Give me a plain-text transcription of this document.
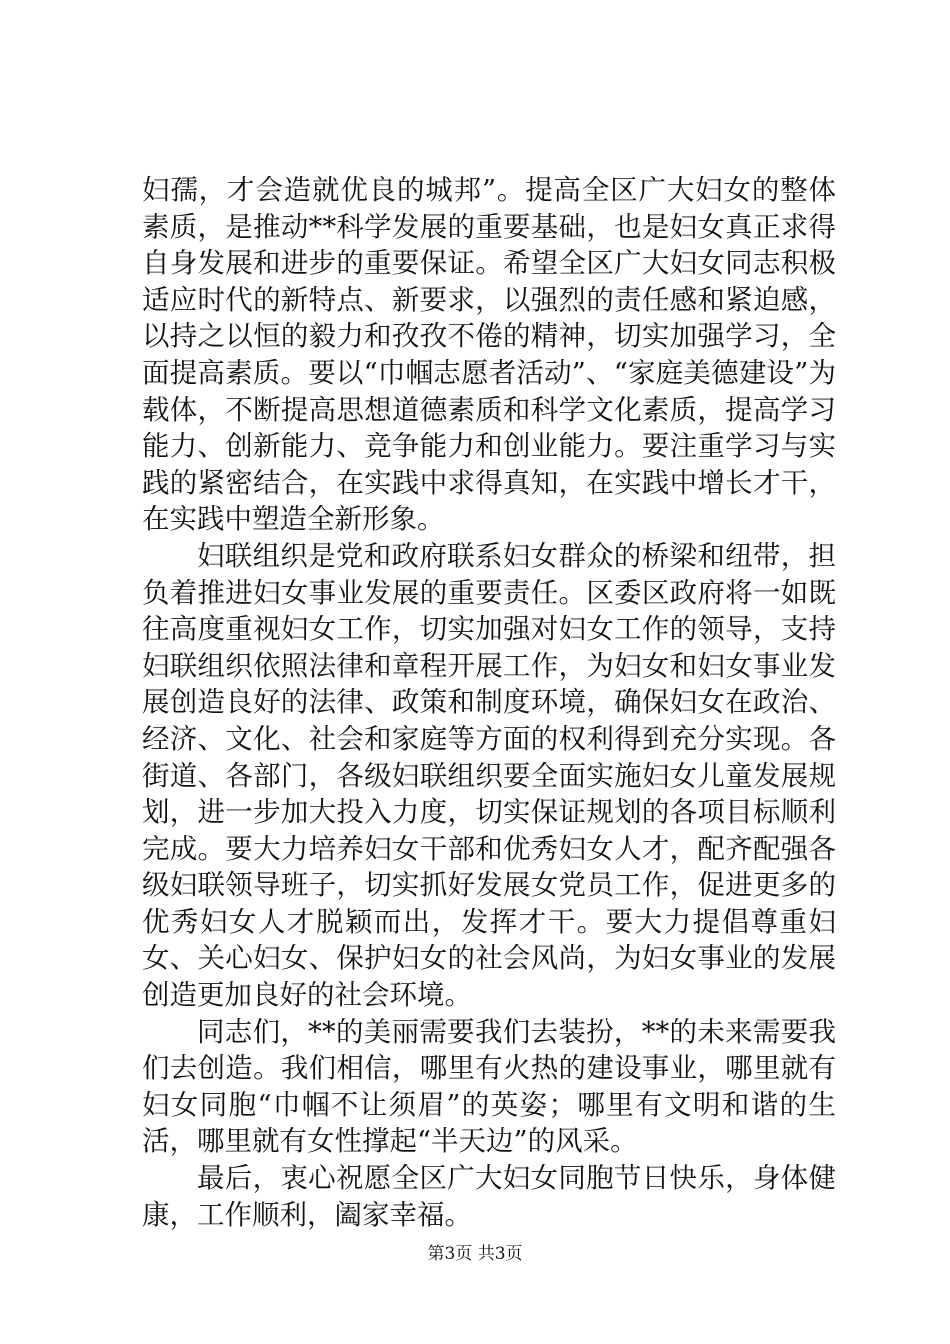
妇孺，才会造就优良的城邦”。提高全区广大妇女的整体素质，是推动**科学发展的重要基础，也是妇女真正求得自身发展和进步的重要保证。希望全区广大妇女同志积极适应时代的新特点、新要求，以强烈的责任感和紧迫感，以持之以恒的毅力和孜孜不倦的精神，切实加强学习，全面提高素质。要以“巾帼志愿者活动”、“家庭美德建设”为载体，不断提高思想道德素质和科学文化素质，提高学习能力、创新能力、竞争能力和创业能力。要注重学习与实践的紧密结合，在实践中求得真知，在实践中增长才干，在实践中塑造全新形象。

妇联组织是党和政府联系妇女群众的桥梁和纽带，担负着推进妇女事业发展的重要责任。区委区政府将一如既往高度重视妇女工作，切实加强对妇女工作的领导，支持妇联组织依照法律和章程开展工作，为妇女和妇女事业发展创造良好的法律、政策和制度环境，确保妇女在政治、经济、文化、社会和家庭等方面的权利得到充分实现。各街道、各部门，各级妇联组织要全面实施妇女儿童发展规划，进一步加大投入力度，切实保证规划的各项目标顺利完成。要大力培养妇女干部和优秀妇女人才，配齐配强各级妇联领导班子，切实抓好发展女党员工作，促进更多的优秀妇女人才脱颖而出，发挥才干。要大力提倡尊重妇女、关心妇女、保护妇女的社会风尚，为妇女事业的发展创造更加良好的社会环境。

同志们，**的美丽需要我们去装扮，**的未来需要我们去创造。我们相信，哪里有火热的建设事业，哪里就有妇女同胞“巾帼不让须眉”的英姿；哪里有文明和谐的生活，哪里就有女性撑起“半天边”的风采。

最后，衷心祝愿全区广大妇女同胞节日快乐，身体健康，工作顺利，阖家幸福。

第3页 共3页
